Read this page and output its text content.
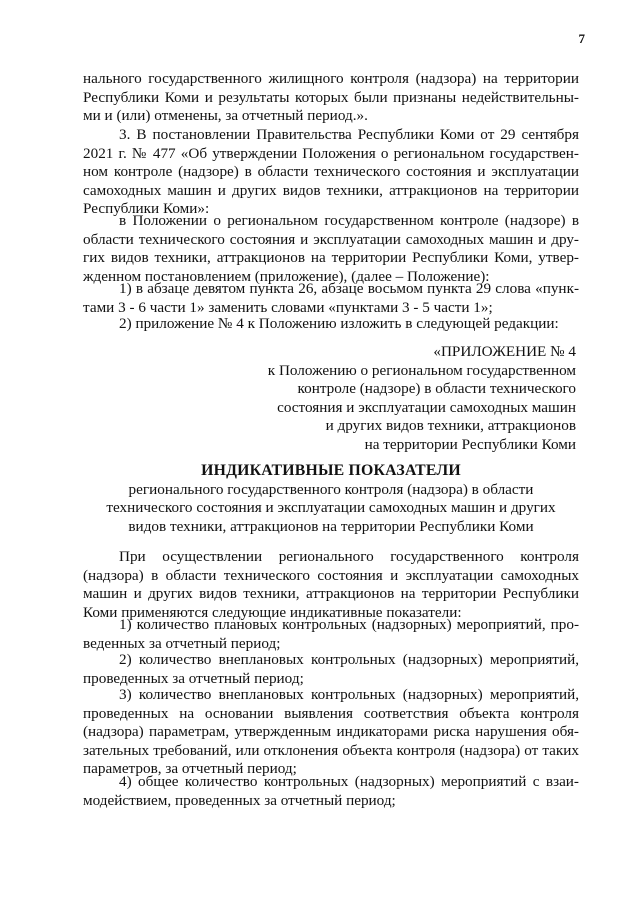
7

нального государственного жилищного контроля (надзора) на территории

Республики Коми и результаты которых были признаны недействительны-

ми и (или) отменены, за отчетный период.».

3. В постановлении Правительства Республики Коми от 29 сентября

2021 г. № 477 «Об утверждении Положения о региональном государствен-

ном контроле (надзоре) в области технического состояния и эксплуатации

самоходных машин и других видов техники, аттракционов на территории

Республики Коми»:

в Положении о региональном государственном контроле (надзоре) в

области технического состояния и эксплуатации самоходных машин и дру-

гих видов техники, аттракционов на территории Республики Коми, утвер-

жденном постановлением (приложение), (далее – Положение):

1) в абзаце девятом пункта 26, абзаце восьмом пункта 29 слова «пунк-

тами 3 - 6 части 1» заменить словами «пунктами 3 - 5 части 1»;

2) приложение № 4 к Положению изложить в следующей редакции:

«ПРИЛОЖЕНИЕ № 4
к Положению о региональном государственном
контроле (надзоре) в области технического
состояния и эксплуатации самоходных машин
и других видов техники, аттракционов
на территории Республики Коми
ИНДИКАТИВНЫЕ ПОКАЗАТЕЛИ
регионального государственного контроля (надзора) в области
технического состояния и эксплуатации самоходных машин и других
видов техники, аттракционов на территории Республики Коми

При осуществлении регионального государственного контроля

(надзора) в области технического состояния и эксплуатации самоходных

машин и других видов техники, аттракционов на территории Республики

Коми применяются следующие индикативные показатели:

1) количество плановых контрольных (надзорных) мероприятий, про-

веденных за отчетный период;

2) количество внеплановых контрольных (надзорных) мероприятий,

проведенных за отчетный период;

3) количество внеплановых контрольных (надзорных) мероприятий,

проведенных на основании выявления соответствия объекта контроля

(надзора) параметрам, утвержденным индикаторами риска нарушения обя-

зательных требований, или отклонения объекта контроля (надзора) от таких

параметров, за отчетный период;

4) общее количество контрольных (надзорных) мероприятий с взаи-

модействием, проведенных за отчетный период;
